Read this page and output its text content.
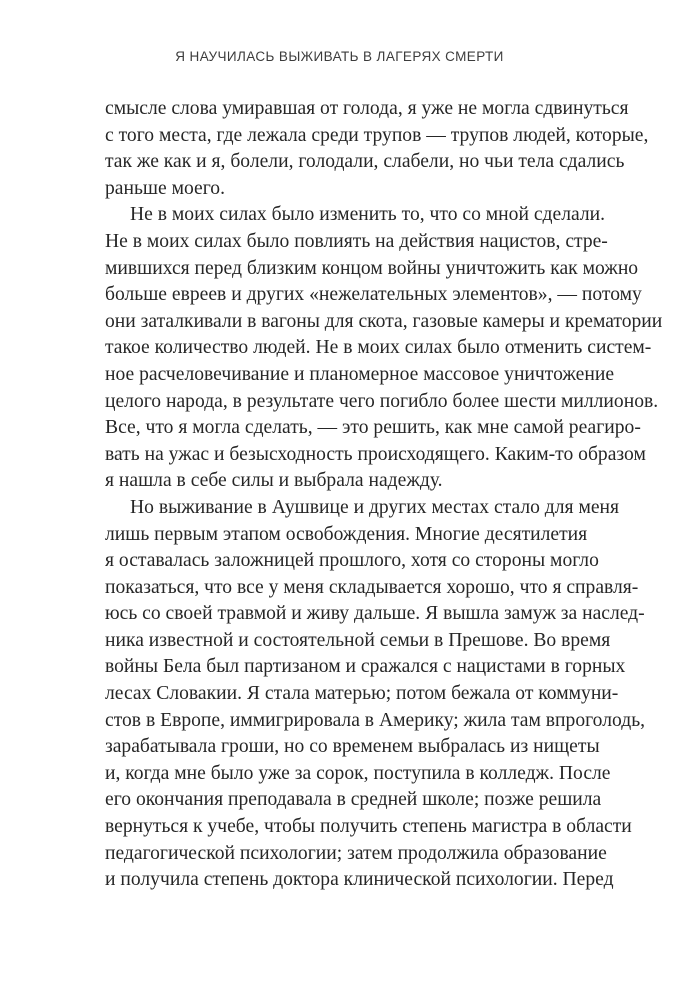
Я НАУЧИЛАСЬ ВЫЖИВАТЬ В ЛАГЕРЯХ СМЕРТИ
смысле слова умиравшая от голода, я уже не могла сдвинуться
с того места, где лежала среди трупов — трупов людей, которые,
так же как и я, болели, голодали, слабели, но чьи тела сдались
раньше моего.
Не в моих силах было изменить то, что со мной сделали.
Не в моих силах было повлиять на действия нацистов, стре-
мившихся перед близким концом войны уничтожить как можно
больше евреев и других «нежелательных элементов», — потому
они заталкивали в вагоны для скота, газовые камеры и крематории
такое количество людей. Не в моих силах было отменить систем-
ное расчеловечивание и планомерное массовое уничтожение
целого народа, в результате чего погибло более шести миллионов.
Все, что я могла сделать, — это решить, как мне самой реагиро-
вать на ужас и безысходность происходящего. Каким-то образом
я нашла в себе силы и выбрала надежду.
Но выживание в Аушвице и других местах стало для меня
лишь первым этапом освобождения. Многие десятилетия
я оставалась заложницей прошлого, хотя со стороны могло
показаться, что все у меня складывается хорошо, что я справля-
юсь со своей травмой и живу дальше. Я вышла замуж за наслед-
ника известной и состоятельной семьи в Прешове. Во время
войны Бела был партизаном и сражался с нацистами в горных
лесах Словакии. Я стала матерью; потом бежала от коммуни-
стов в Европе, иммигрировала в Америку; жила там впроголодь,
зарабатывала гроши, но со временем выбралась из нищеты
и, когда мне было уже за сорок, поступила в колледж. После
его окончания преподавала в средней школе; позже решила
вернуться к учебе, чтобы получить степень магистра в области
педагогической психологии; затем продолжила образование
и получила степень доктора клинической психологии. Перед
